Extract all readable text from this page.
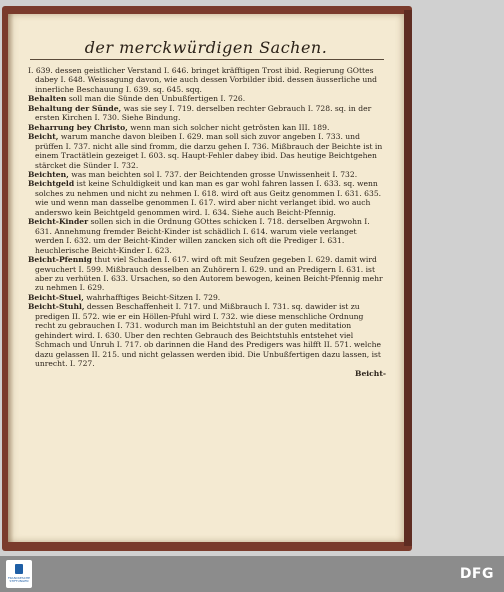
der merckwürdigen Sachen.
I. 639. dessen geistlicher Verstand I. 646. bringet kräfftigen Trost ibid. Regierung GOttes dabey I. 648. Weissagung davon, wie auch dessen Vorbilder ibid. dessen äusserliche und innerliche Beschauung I. 639. sq. 645. sqq.
Behalten soll man die Sünde den Unbußfertigen I. 726.
Behaltung der Sünde, was sie sey I. 719. derselben rechter Gebrauch I. 728. sq. in der ersten Kirchen I. 730. Siehe Bindung.
Beharrung bey Christo, wenn man sich solcher nicht getrösten kan III. 189.
Beicht, warum manche davon bleiben I. 629. man soll sich zuvor angeben I. 733. und prüffen I. 737. nicht alle sind fromm, die darzu gehen I. 736. Mißbrauch der Beichte ist in einem Tractätlein gezeiget I. 603. sq. Haupt-Fehler dabey ibid. Das heutige Beichtgehen stärcket die Sünder I. 732.
Beichten, was man beichten sol I. 737. der Beichtenden grosse Unwissenheit I. 732.
Beichtgeld ist keine Schuldigkeit und kan man es gar wohl fahren lassen I. 633. sq. wenn solches zu nehmen und nicht zu nehmen I. 618. wird oft aus Geitz genommen I. 631. 635. wie und wenn man dasselbe genommen I. 617. wird aber nicht verlanget ibid. wo auch anderswo kein Beichtgeld genommen wird. I. 634. Siehe auch Beicht-Pfennig.
Beicht-Kinder sollen sich in die Ordnung GOttes schicken I. 718. derselben Argwohn I. 631. Annehmung fremder Beicht-Kinder ist schädlich I. 614. warum viele verlanget werden I. 632. um der Beicht-Kinder willen zancken sich oft die Prediger I. 631. heuchlerische Beicht-Kinder I. 623.
Beicht-Pfennig thut viel Schaden I. 617. wird oft mit Seufzen gegeben I. 629. damit wird gewuchert I. 599. Mißbrauch desselben an Zuhörern I. 629. und an Predigern I. 631. ist aber zu verhüten I. 633. Ursachen, so den Autorem bewogen, keinen Beicht-Pfennig mehr zu nehmen I. 629.
Beicht-Stuel, wahrhafftiges Beicht-Sitzen I. 729.
Beicht-Stuhl, dessen Beschaffenheit I. 717. und Mißbrauch I. 731. sq. dawider ist zu predigen II. 572. wie er ein Höllen-Pfuhl wird I. 732. wie diese menschliche Ordnung recht zu gebrauchen I. 731. wodurch man im Beichtstuhl an der guten meditation gehindert wird. I. 630. Uber den rechten Gebrauch des Beichtstuhls entstehet viel Schmach und Unruh I. 717. ob darinnen die Hand des Predigers was hilfft II. 571. welche dazu gelassen II. 215. und nicht gelassen werden ibid. Die Unbußfertigen dazu lassen, ist unrecht. I. 727.
Beicht-
FRANCKESCHE STIFTUNGEN	DFG
